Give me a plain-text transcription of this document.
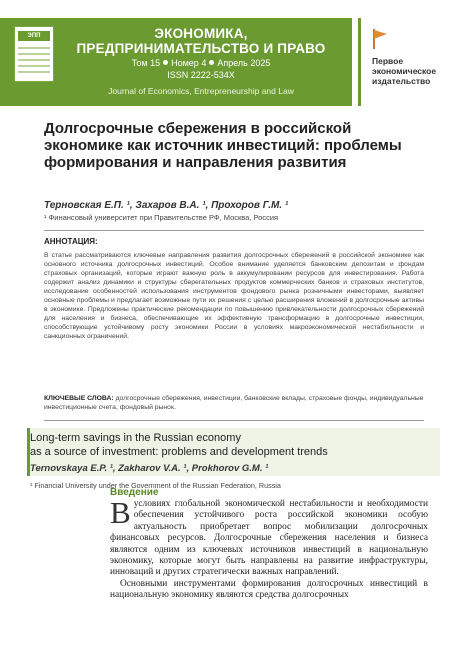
ЭПП	ЭКОНОМИКА,
ПРЕДПРИНИМАТЕЛЬСТВО И ПРАВО
Том 15 Номер 4 Апрель 2025
ISSN 2222-534X
Journal of Economics, Entrepreneurship and Law
Первое
экономическое
издательство
Долгосрочные сбережения в российской экономике как источник инвестиций: проблемы формирования и направления развития
Терновская Е.П. ¹, Захаров В.А. ¹, Прохоров Г.М. ¹
¹ Финансовый университет при Правительстве РФ, Москва, Россия
АННОТАЦИЯ:
В статье рассматриваются ключевые направления развития долгосрочных сбережений в российской экономике как основного источника долгосрочных инвестиций. Особое внимание уделяется банковским депозитам и фондам страховых организаций, которые играют важную роль в аккумулировании ресурсов для инвестирования. Работа содержит анализ динамики и структуры сберегательных продуктов коммерческих банков и страховых институтов, исследование особенностей использования инструментов фондового рынка розничными инвесторами, выявляет основные проблемы и предлагает возможные пути их решения с целью расширения вложений в долгосрочные активы в экономике. Предложены практические рекомендации по повышению привлекательности долгосрочных сбережений для населения и бизнеса, обеспечивающие их эффективную трансформацию в долгосрочные инвестиции, способствующие устойчивому росту экономики России в условиях макроэкономической нестабильности и санкционных ограничений.
КЛЮЧЕВЫЕ СЛОВА: долгосрочные сбережения, инвестиции, банковские вклады, страховые фонды, индивидуальные инвестиционные счета, фондовый рынок.
Long-term savings in the Russian economy
as a source of investment: problems and development trends
Ternovskaya E.P. ¹, Zakharov V.A. ¹, Prokhorov G.M. ¹
¹ Financial University under the Government of the Russian Federation, Russia
Введение

Вусловиях глобальной экономической нестабильности и необходимости обеспечения устойчивого роста российской экономики особую актуальность приобретает вопрос мобилизации долгосрочных финансовых ресурсов. Долгосрочные сбережения населения и бизнеса являются одним из ключевых источников инвестиций в национальную экономику, которые могут быть направлены на развитие инфраструктуры, инноваций и других стратегически важных направлений.

Основными инструментами формирования долгосрочных инвестиций в национальную экономику являются средства долгосрочных
